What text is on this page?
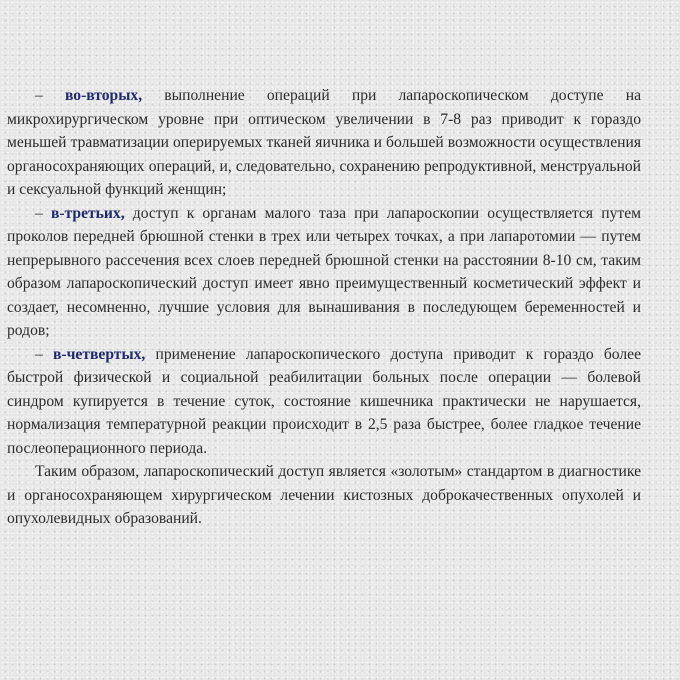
– во-вторых, выполнение операций при лапароскопическом доступе на микрохирургическом уровне при оптическом увеличении в 7-8 раз приводит к гораздо меньшей травматизации оперируемых тканей яичника и большей возможности осуществления органосохраняющих операций, и, следовательно, сохранению репродуктивной, менструальной и сексуальной функций женщин;

– в-третьих, доступ к органам малого таза при лапароскопии осуществляется путем проколов передней брюшной стенки в трех или четырех точках, а при лапаротомии — путем непрерывного рассечения всех слоев передней брюшной стенки на расстоянии 8-10 см, таким образом лапароскопический доступ имеет явно преимущественный косметический эффект и создает, несомненно, лучшие условия для вынашивания в последующем беременностей и родов;

– в-четвертых, применение лапароскопического доступа приводит к гораздо более быстрой физической и социальной реабилитации больных после операции — болевой синдром купируется в течение суток, состояние кишечника практически не нарушается, нормализация температурной реакции происходит в 2,5 раза быстрее, более гладкое течение послеоперационного периода.

Таким образом, лапароскопический доступ является «золотым» стандартом в диагностике и органосохраняющем хирургическом лечении кистозных доброкачественных опухолей и опухолевидных образований.
